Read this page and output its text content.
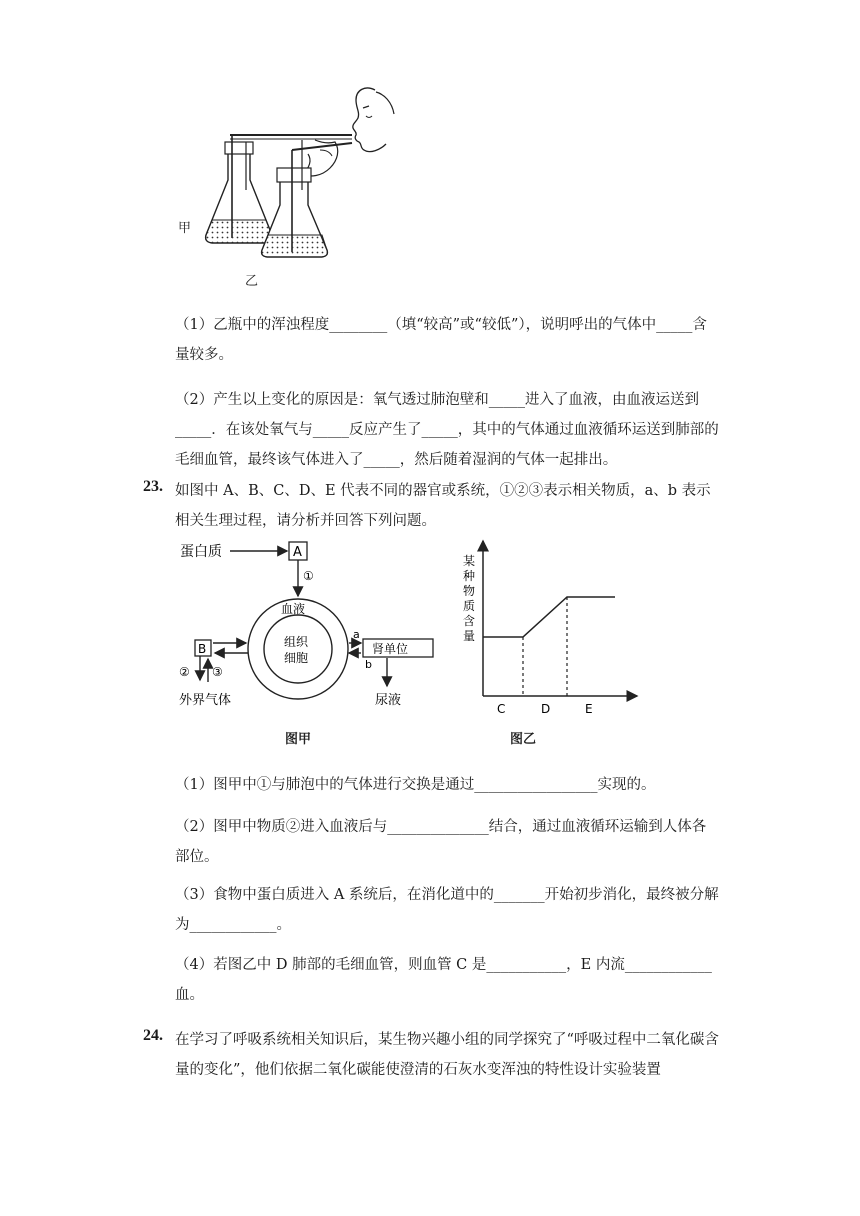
甲
乙
（1）乙瓶中的浑浊程度________（填“较高”或“较低”），说明呼出的气体中_____含量较多。
（2）产生以上变化的原因是：氧气透过肺泡壁和_____进入了血液，由血液运送到_____．在该处氧气与_____反应产生了_____，其中的气体通过血液循环运送到肺部的毛细血管，最终该气体进入了_____，然后随着湿润的气体一起排出。
23. 如图中 A、B、C、D、E 代表不同的器官或系统，①②③表示相关物质，a、b 表示相关生理过程，请分析并回答下列问题。
蛋白质	A
①
血液
组织
细胞
B
② ③
外界气体
肾单位
a
b
尿液
图甲
某种物质含量
C	D	E
图乙
（1）图甲中①与肺泡中的气体进行交换是通过_________________实现的。
（2）图甲中物质②进入血液后与______________结合，通过血液循环运输到人体各部位。
（3）食物中蛋白质进入 A 系统后，在消化道中的_______开始初步消化，最终被分解为____________。
（4）若图乙中 D 肺部的毛细血管，则血管 C 是___________，E 内流____________血。
24. 在学习了呼吸系统相关知识后，某生物兴趣小组的同学探究了“呼吸过程中二氧化碳含量的变化”，他们依据二氧化碳能使澄清的石灰水变浑浊的特性设计实验装置
